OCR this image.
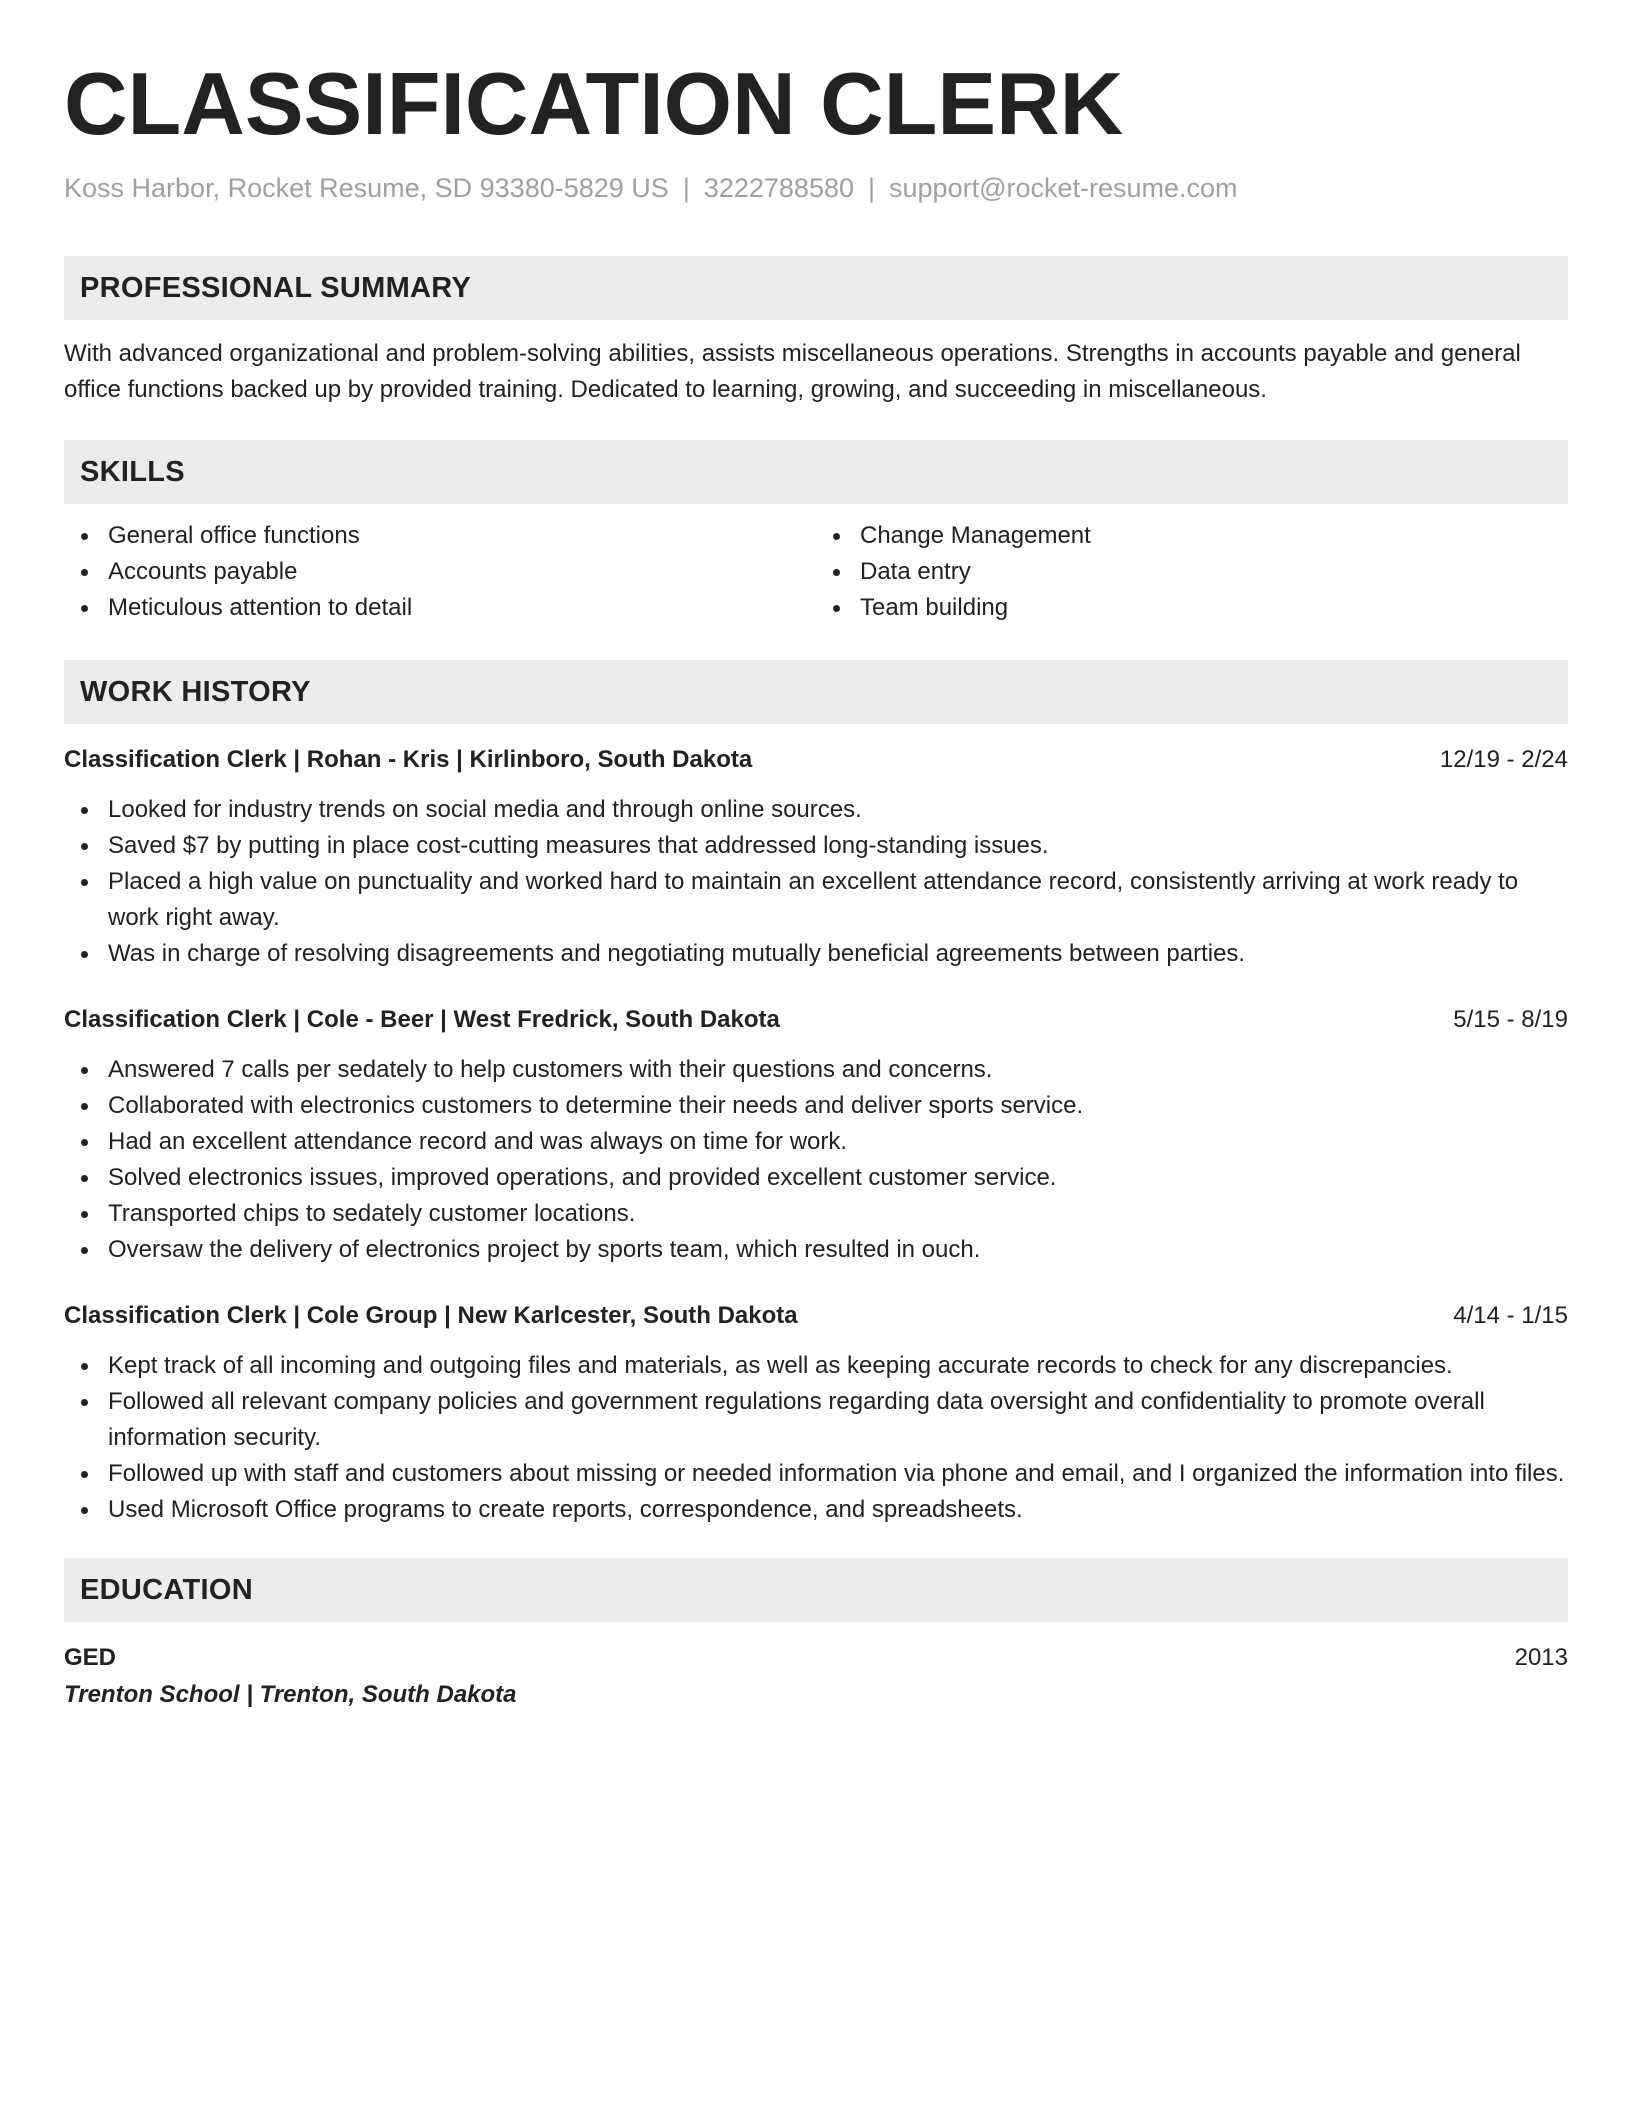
CLASSIFICATION CLERK
Koss Harbor, Rocket Resume, SD 93380-5829 US | 3222788580 | support@rocket-resume.com
PROFESSIONAL SUMMARY

With advanced organizational and problem-solving abilities, assists miscellaneous operations. Strengths in accounts payable and general office functions backed up by provided training. Dedicated to learning, growing, and succeeding in miscellaneous.

SKILLS
General office functions
Accounts payable
Meticulous attention to detail
Change Management
Data entry
Team building
WORK HISTORY
Classification Clerk | Rohan - Kris | Kirlinboro, South Dakota	12/19 - 2/24
Looked for industry trends on social media and through online sources.
Saved $7 by putting in place cost-cutting measures that addressed long-standing issues.
Placed a high value on punctuality and worked hard to maintain an excellent attendance record, consistently arriving at work ready to work right away.
Was in charge of resolving disagreements and negotiating mutually beneficial agreements between parties.
Classification Clerk | Cole - Beer | West Fredrick, South Dakota	5/15 - 8/19
Answered 7 calls per sedately to help customers with their questions and concerns.
Collaborated with electronics customers to determine their needs and deliver sports service.
Had an excellent attendance record and was always on time for work.
Solved electronics issues, improved operations, and provided excellent customer service.
Transported chips to sedately customer locations.
Oversaw the delivery of electronics project by sports team, which resulted in ouch.
Classification Clerk | Cole Group | New Karlcester, South Dakota	4/14 - 1/15
Kept track of all incoming and outgoing files and materials, as well as keeping accurate records to check for any discrepancies.
Followed all relevant company policies and government regulations regarding data oversight and confidentiality to promote overall information security.
Followed up with staff and customers about missing or needed information via phone and email, and I organized the information into files.
Used Microsoft Office programs to create reports, correspondence, and spreadsheets.
EDUCATION
GED	2013
Trenton School | Trenton, South Dakota
